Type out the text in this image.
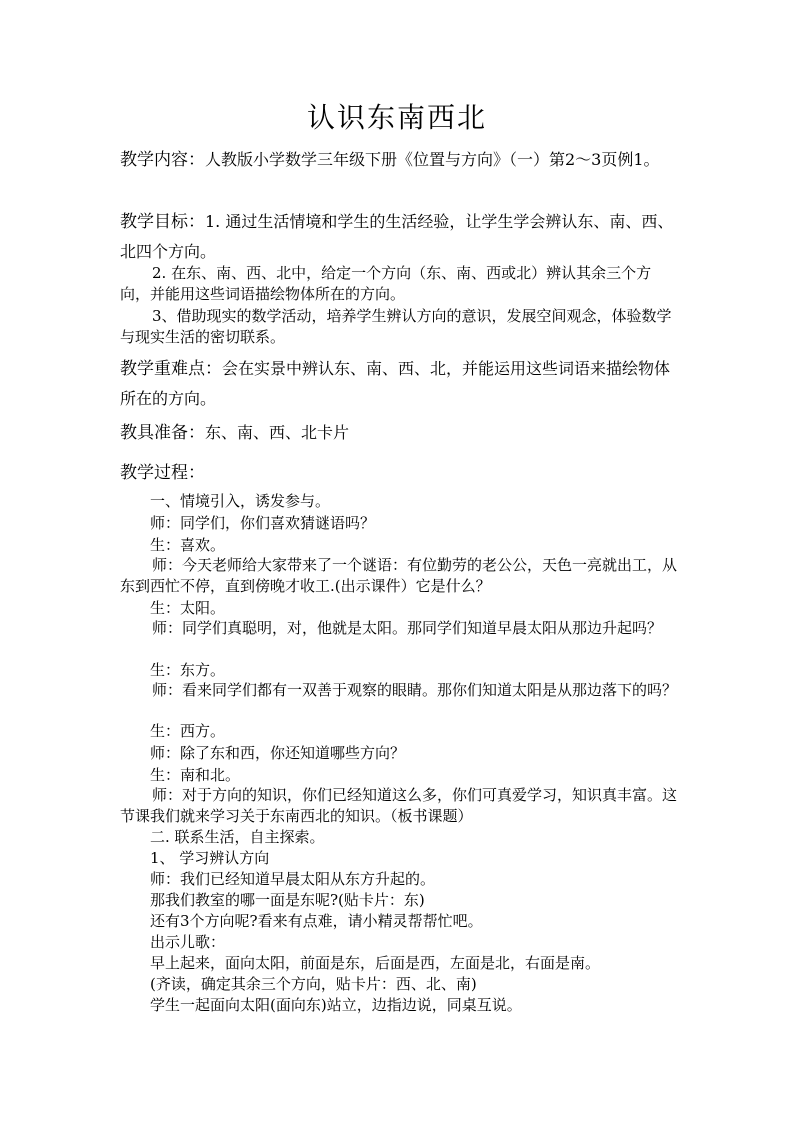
认识东南西北
教学内容：人教版小学数学三年级下册《位置与方向》（一）第2～3页例1。
教学目标：1. 通过生活情境和学生的生活经验，让学生学会辨认东、南、西、北四个方向。
2. 在东、南、西、北中，给定一个方向（东、南、西或北）辨认其余三个方向，并能用这些词语描绘物体所在的方向。
3、借助现实的数学活动，培养学生辨认方向的意识，发展空间观念，体验数学与现实生活的密切联系。
教学重难点：会在实景中辨认东、南、西、北，并能运用这些词语来描绘物体所在的方向。
教具准备：东、南、西、北卡片
教学过程：
一、情境引入，诱发参与。
师：同学们，你们喜欢猜谜语吗？
生：喜欢。
师：今天老师给大家带来了一个谜语：有位勤劳的老公公，天色一亮就出工，从东到西忙不停，直到傍晚才收工.(出示课件）它是什么？
生：太阳。
师：同学们真聪明，对，他就是太阳。那同学们知道早晨太阳从那边升起吗？
生：东方。
师：看来同学们都有一双善于观察的眼睛。那你们知道太阳是从那边落下的吗？
生：西方。
师：除了东和西，你还知道哪些方向？
生：南和北。
师：对于方向的知识，你们已经知道这么多，你们可真爱学习，知识真丰富。这节课我们就来学习关于东南西北的知识。（板书课题）
二. 联系生活，自主探索。
1、 学习辨认方向
师：我们已经知道早晨太阳从东方升起的。
那我们教室的哪一面是东呢?(贴卡片：东)
还有3个方向呢?看来有点难，请小精灵帮帮忙吧。
出示儿歌：
早上起来，面向太阳，前面是东，后面是西，左面是北，右面是南。
(齐读，确定其余三个方向，贴卡片：西、北、南)
学生一起面向太阳(面向东)站立，边指边说，同桌互说。
